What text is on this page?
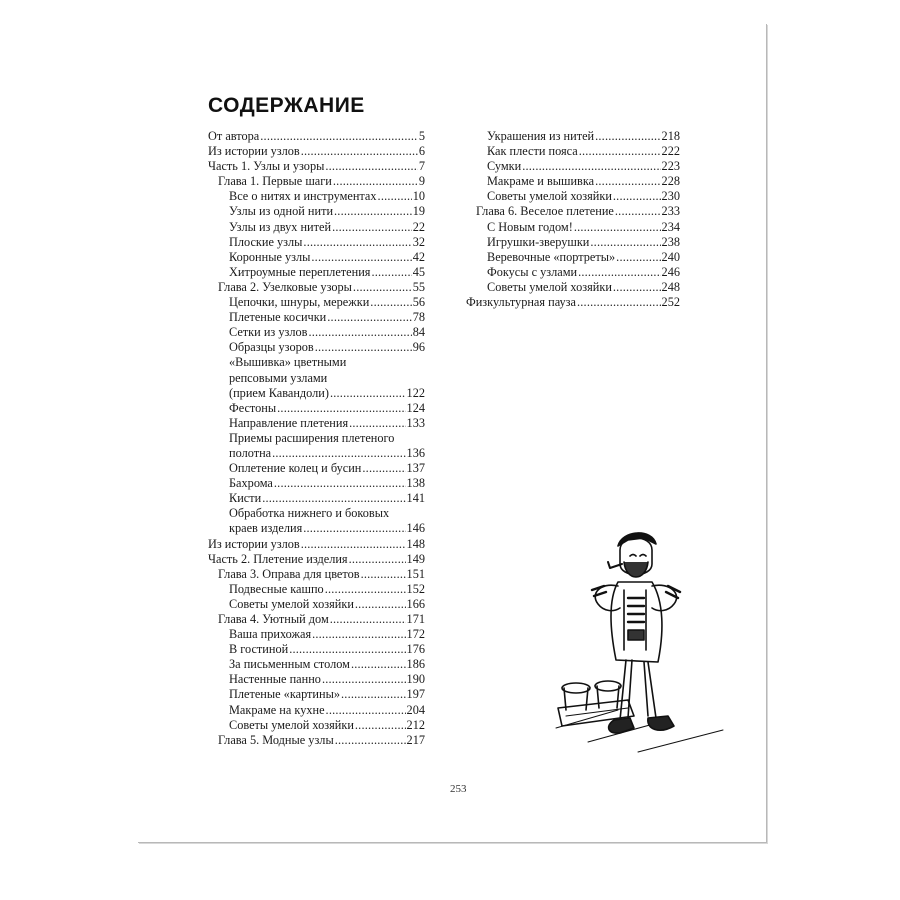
СОДЕРЖАНИЕ
От автора .....	5
Из истории узлов .....	6
Часть 1. Узлы и узоры .....	7
Глава 1. Первые шаги .....	9
Все о нитях и инструментах .....	10
Узлы из одной нити .....	19
Узлы из двух нитей .....	22
Плоские узлы .....	32
Коронные узлы .....	42
Хитроумные переплетения .....	45
Глава 2. Узелковые узоры .....	55
Цепочки, шнуры, мережки .....	56
Плетеные косички .....	78
Сетки из узлов .....	84
Образцы узоров .....	96
«Вышивка» цветными
репсовыми узлами
(прием Кавандоли) .....	122
Фестоны .....	124
Направление плетения .....	133
Приемы расширения плетеного
полотна .....	136
Оплетение колец и бусин .....	137
Бахрома .....	138
Кисти .....	141
Обработка нижнего и боковых
краев изделия .....	146
Из истории узлов .....	148
Часть 2. Плетение изделия .....	149
Глава 3. Оправа для цветов .....	151
Подвесные кашпо .....	152
Советы умелой хозяйки .....	166
Глава 4. Уютный дом .....	171
Ваша прихожая .....	172
В гостиной .....	176
За письменным столом .....	186
Настенные панно .....	190
Плетеные «картины» .....	197
Макраме на кухне .....	204
Советы умелой хозяйки .....	212
Глава 5. Модные узлы .....	217
Украшения из нитей .....	218
Как плести пояса .....	222
Сумки .....	223
Макраме и вышивка .....	228
Советы умелой хозяйки .....	230
Глава 6. Веселое плетение .....	233
С Новым годом! .....	234
Игрушки-зверушки .....	238
Веревочные «портреты» .....	240
Фокусы с узлами .....	246
Советы умелой хозяйки .....	248
Физкультурная пауза .....	252
253
